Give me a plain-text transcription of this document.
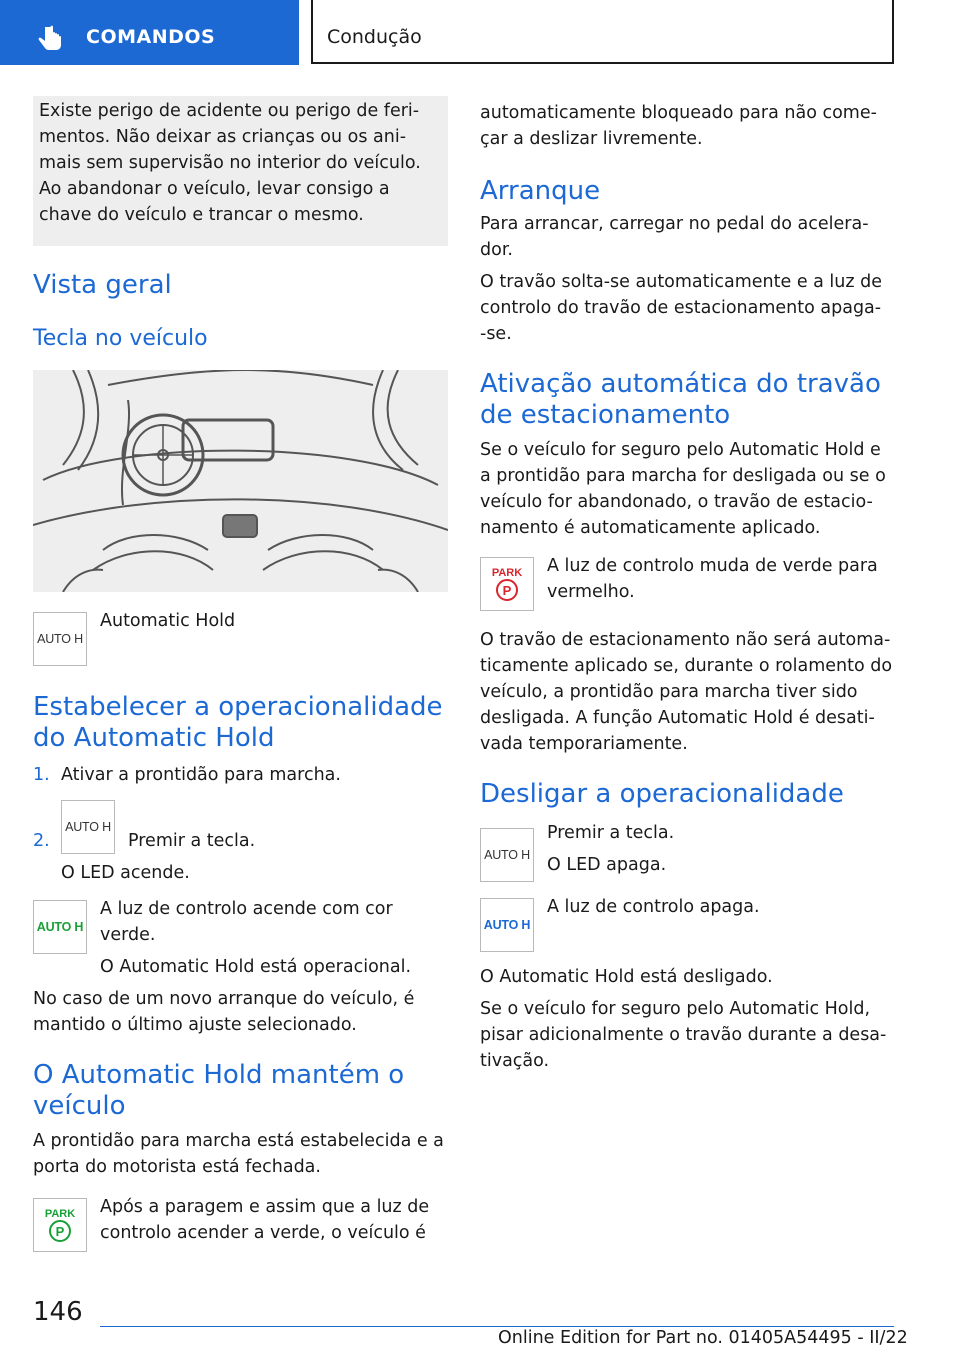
COMANDOS	Condução

Existe perigo de acidente ou perigo de feri-

mentos. Não deixar as crianças ou os ani-

mais sem supervisão no interior do veículo.

Ao abandonar o veículo, levar consigo a

chave do veículo e trancar o mesmo.

Vista geral
Tecla no veículo
AUTO H

Automatic Hold

Estabelecer a operacionalidade do Automatic Hold
1. Ativar a prontidão para marcha.

2.
AUTO H

Premir a tecla.

O LED acende.

AUTO H

A luz de controlo acende com cor

verde.

O Automatic Hold está operacional.

No caso de um novo arranque do veículo, é

mantido o último ajuste selecionado.

O Automatic Hold mantém o veículo

A prontidão para marcha está estabelecida e a

porta do motorista está fechada.

PARK
P

Após a paragem e assim que a luz de

controlo acender a verde, o veículo é

automaticamente bloqueado para não come-

çar a deslizar livremente.

Arranque

Para arrancar, carregar no pedal do acelera-

dor.

O travão solta-se automaticamente e a luz de

controlo do travão de estacionamento apaga-

-se.

Ativação automática do travão de estacionamento

Se o veículo for seguro pelo Automatic Hold e

a prontidão para marcha for desligada ou se o

veículo for abandonado, o travão de estacio-

namento é automaticamente aplicado.

PARK
P

A luz de controlo muda de verde para

vermelho.

O travão de estacionamento não será automa-

ticamente aplicado se, durante o rolamento do

veículo, a prontidão para marcha tiver sido

desligada. A função Automatic Hold é desati-

vada temporariamente.

Desligar a operacionalidade
AUTO H

Premir a tecla.

O LED apaga.

AUTO H

A luz de controlo apaga.

O Automatic Hold está desligado.

Se o veículo for seguro pelo Automatic Hold,

pisar adicionalmente o travão durante a desa-

tivação.

146
Online Edition for Part no. 01405A54495 - II/22
